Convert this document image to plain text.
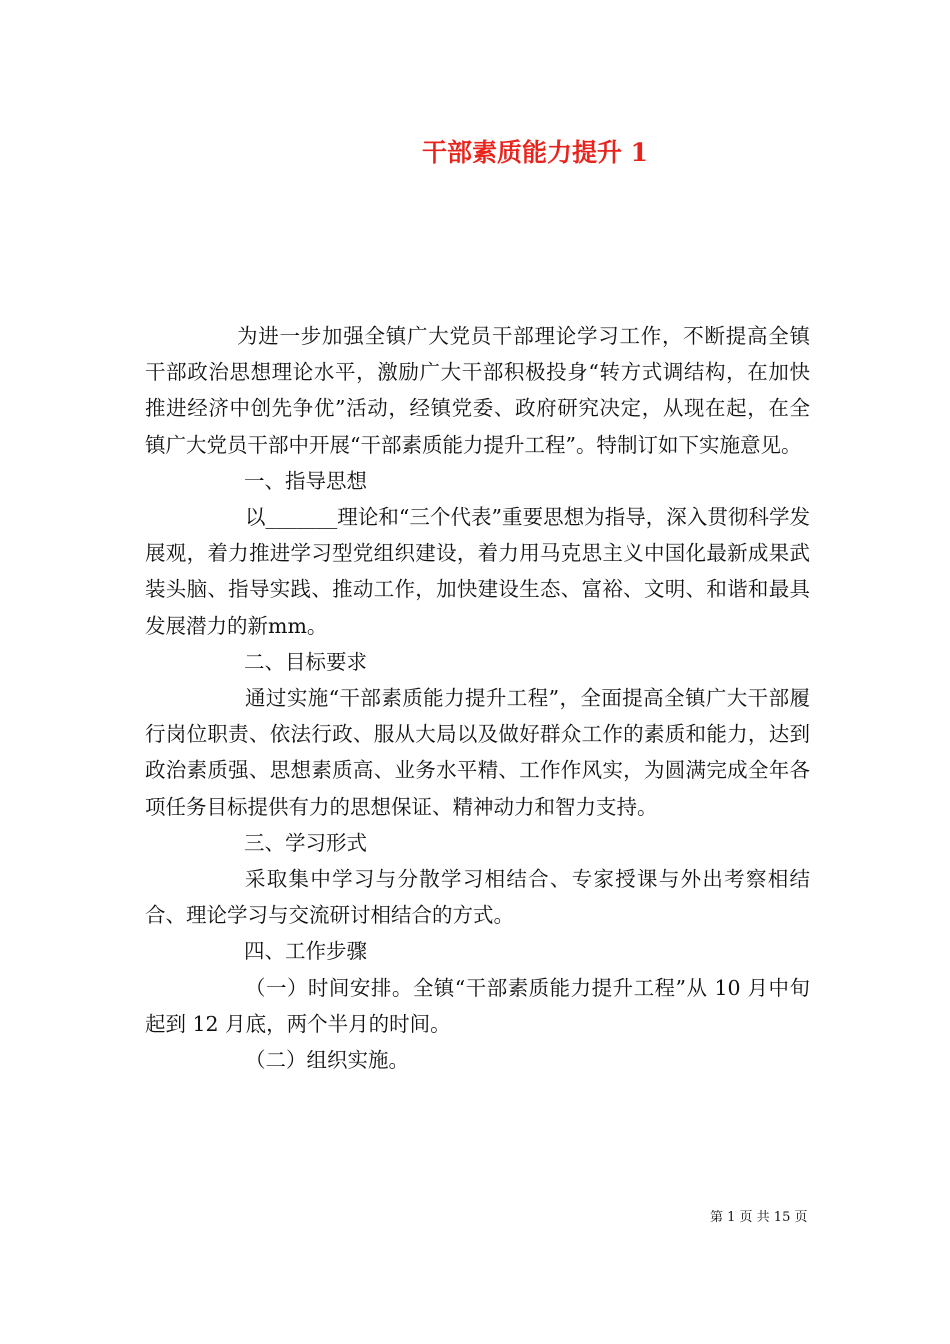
干部素质能力提升 1

为进一步加强全镇广大党员干部理论学习工作，不断提高全镇干部政治思想理论水平，激励广大干部积极投身“转方式调结构，在加快推进经济中创先争优”活动，经镇党委、政府研究决定，从现在起，在全镇广大党员干部中开展“干部素质能力提升工程”。特制订如下实施意见。

一、指导思想

以_______理论和“三个代表”重要思想为指导，深入贯彻科学发展观，着力推进学习型党组织建设，着力用马克思主义中国化最新成果武装头脑、指导实践、推动工作，加快建设生态、富裕、文明、和谐和最具发展潜力的新mm。

二、目标要求

通过实施“干部素质能力提升工程”，全面提高全镇广大干部履行岗位职责、依法行政、服从大局以及做好群众工作的素质和能力，达到政治素质强、思想素质高、业务水平精、工作作风实，为圆满完成全年各项任务目标提供有力的思想保证、精神动力和智力支持。

三、学习形式

采取集中学习与分散学习相结合、专家授课与外出考察相结合、理论学习与交流研讨相结合的方式。

四、工作步骤

（一）时间安排。全镇“干部素质能力提升工程”从 10 月中旬起到 12 月底，两个半月的时间。

（二）组织实施。

第 1 页 共 15 页
